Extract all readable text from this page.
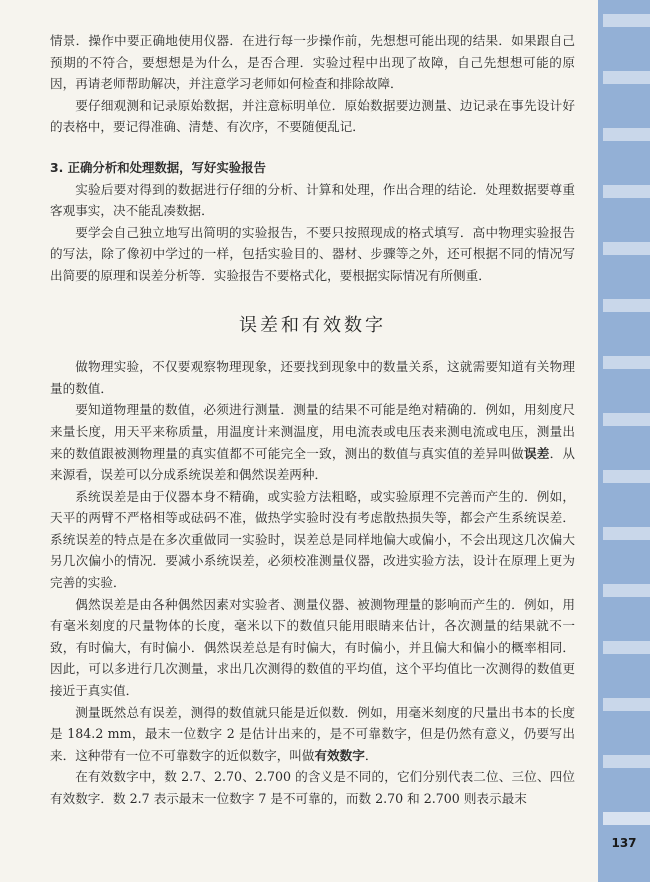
情景．操作中要正确地使用仪器．在进行每一步操作前，先想想可能出现的结果．如果跟自己预期的不符合，要想想是为什么，是否合理．实验过程中出现了故障，自己先想想可能的原因，再请老师帮助解决，并注意学习老师如何检查和排除故障．

要仔细观测和记录原始数据，并注意标明单位．原始数据要边测量、边记录在事先设计好的表格中，要记得准确、清楚、有次序，不要随便乱记．

3. 正确分析和处理数据，写好实验报告

实验后要对得到的数据进行仔细的分析、计算和处理，作出合理的结论．处理数据要尊重客观事实，决不能乱凑数据．

要学会自己独立地写出简明的实验报告，不要只按照现成的格式填写．高中物理实验报告的写法，除了像初中学过的一样，包括实验目的、器材、步骤等之外，还可根据不同的情况写出简要的原理和误差分析等．实验报告不要格式化，要根据实际情况有所侧重．

误差和有效数字

做物理实验，不仅要观察物理现象，还要找到现象中的数量关系，这就需要知道有关物理量的数值．

要知道物理量的数值，必须进行测量．测量的结果不可能是绝对精确的．例如，用刻度尺来量长度，用天平来称质量，用温度计来测温度，用电流表或电压表来测电流或电压，测量出来的数值跟被测物理量的真实值都不可能完全一致，测出的数值与真实值的差异叫做误差．从来源看，误差可以分成系统误差和偶然误差两种．

系统误差是由于仪器本身不精确，或实验方法粗略，或实验原理不完善而产生的．例如，天平的两臂不严格相等或砝码不准，做热学实验时没有考虑散热损失等，都会产生系统误差．系统误差的特点是在多次重做同一实验时，误差总是同样地偏大或偏小，不会出现这几次偏大另几次偏小的情况．要减小系统误差，必须校准测量仪器，改进实验方法，设计在原理上更为完善的实验．

偶然误差是由各种偶然因素对实验者、测量仪器、被测物理量的影响而产生的．例如，用有毫米刻度的尺量物体的长度，毫米以下的数值只能用眼睛来估计，各次测量的结果就不一致，有时偏大，有时偏小．偶然误差总是有时偏大，有时偏小，并且偏大和偏小的概率相同．因此，可以多进行几次测量，求出几次测得的数值的平均值，这个平均值比一次测得的数值更接近于真实值．

测量既然总有误差，测得的数值就只能是近似数．例如，用毫米刻度的尺量出书本的长度是 184.2 mm，最末一位数字 2 是估计出来的，是不可靠数字，但是仍然有意义，仍要写出来．这种带有一位不可靠数字的近似数字，叫做有效数字．

在有效数字中，数 2.7、2.70、2.700 的含义是不同的，它们分别代表二位、三位、四位有效数字．数 2.7 表示最末一位数字 7 是不可靠的，而数 2.70 和 2.700 则表示最末

137
